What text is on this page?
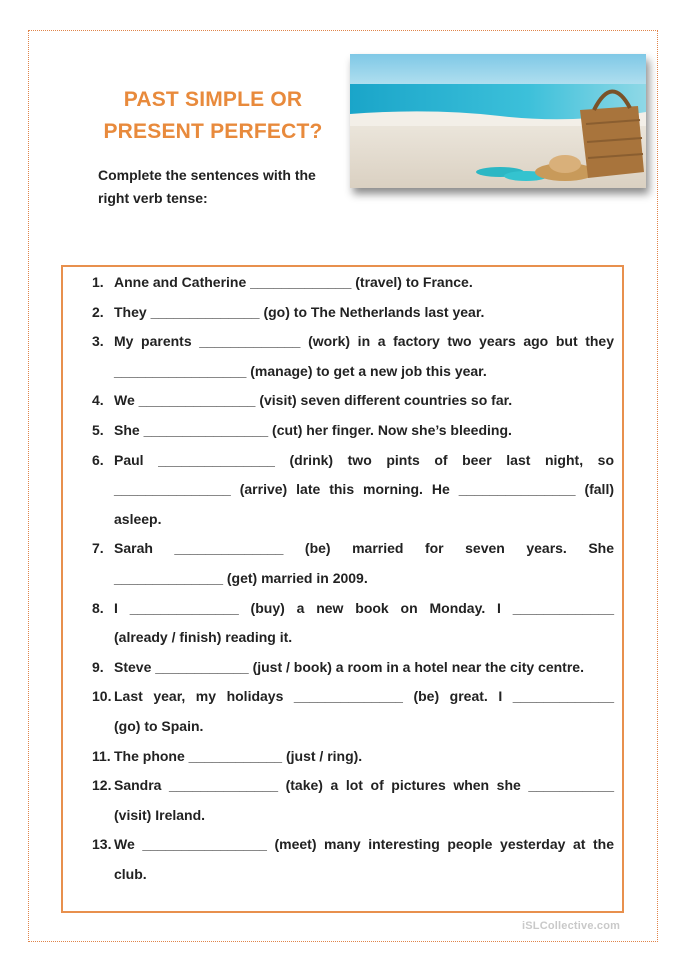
PAST SIMPLE OR
PRESENT PERFECT?
Complete the sentences with the
right verb tense:
1. Anne and Catherine _____________ (travel) to France.
2. They ______________ (go) to The Netherlands last year.
3. My parents _____________ (work) in a factory two years ago but they
_________________ (manage) to get a new job this year.
4. We _______________ (visit) seven different countries so far.
5. She ________________ (cut) her finger. Now she’s bleeding.
6. Paul _______________ (drink) two pints of beer last night, so
_______________ (arrive) late this morning. He _______________ (fall)
asleep.
7. Sarah ______________ (be) married for seven years. She
______________ (get) married in 2009.
8. I ______________ (buy) a new book on Monday. I _____________
(already / finish) reading it.
9. Steve ____________ (just / book) a room in a hotel near the city centre.
10. Last year, my holidays ______________ (be) great. I _____________
(go) to Spain.
11. The phone ____________ (just / ring).
12. Sandra ______________ (take) a lot of pictures when she ___________
(visit) Ireland.
13. We ________________ (meet) many interesting people yesterday at the
club.
iSLCollective.com
